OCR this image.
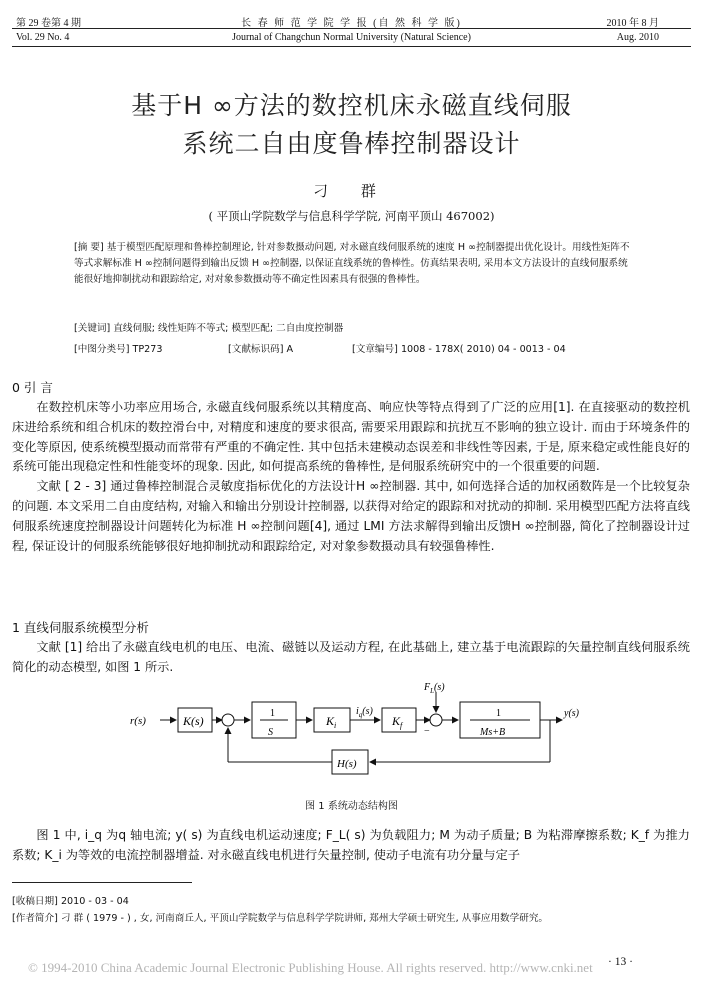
第 29 卷第 4 期
Vol. 29 No. 4
长 春 师 范 学 院 学 报 (自 然 科 学 版)
Journal of Changchun Normal University (Natural Science)
2010 年 8 月
Aug. 2010
基于H ∞方法的数控机床永磁直线伺服
系统二自由度鲁棒控制器设计
刁 群
( 平顶山学院数学与信息科学学院, 河南平顶山 467002)
[摘 要] 基于模型匹配原理和鲁棒控制理论, 针对参数摄动问题, 对永磁直线伺服系统的速度 H ∞控制器提出优化设计。用线性矩阵不等式求解标准 H ∞控制问题得到输出反馈 H ∞控制器, 以保证直线系统的鲁棒性。仿真结果表明, 采用本文方法设计的直线伺服系统能很好地抑制扰动和跟踪给定, 对对象参数摄动等不确定性因素具有很强的鲁棒性。
[关键词] 直线伺服; 线性矩阵不等式; 模型匹配; 二自由度控制器
[中图分类号] TP273	[文献标识码] A	[文章编号] 1008 - 178X( 2010) 04 - 0013 - 04
0 引 言

在数控机床等小功率应用场合, 永磁直线伺服系统以其精度高、响应快等特点得到了广泛的应用[1]. 在直接驱动的数控机床进给系统和组合机床的数控滑台中, 对精度和速度的要求很高, 需要采用跟踪和抗扰互不影响的独立设计. 而由于环境条件的变化等原因, 使系统模型摄动而常带有严重的不确定性. 其中包括未建模动态误差和非线性等因素, 于是, 原来稳定或性能良好的系统可能出现稳定性和性能变坏的现象. 因此, 如何提高系统的鲁棒性, 是伺服系统研究中的一个很重要的问题.

文献 [ 2 - 3] 通过鲁棒控制混合灵敏度指标优化的方法设计H ∞控制器. 其中, 如何选择合适的加权函数阵是一个比较复杂的问题. 本文采用二自由度结构, 对输入和输出分别设计控制器, 以获得对给定的跟踪和对扰动的抑制. 采用模型匹配方法将直线伺服系统速度控制器设计问题转化为标准 H ∞控制问题[4], 通过 LMI 方法求解得到输出反馈H ∞控制器, 简化了控制器设计过程, 保证设计的伺服系统能够很好地抑制扰动和跟踪给定, 对对象参数摄动具有较强鲁棒性.

1 直线伺服系统模型分析

文献 [1] 给出了永磁直线电机的电压、电流、磁链以及运动方程, 在此基础上, 建立基于电流跟踪的矢量控制直线伺服系统简化的动态模型, 如图 1 所示.

r(s)	K(s)
1
S
$K_i$
$i_q(s)$
$K_f$
$F_L(s)$
−
1
Ms+B
y(s)
H(s)
图 1 系统动态结构图

图 1 中, i_q 为q 轴电流; y( s) 为直线电机运动速度; F_L( s) 为负载阻力; M 为动子质量; B 为粘滞摩擦系数; K_f 为推力系数; K_i 为等效的电流控制器增益. 对永磁直线电机进行矢量控制, 使动子电流有功分量与定子

[收稿日期] 2010 - 03 - 04
[作者简介] 刁 群 ( 1979 - ) , 女, 河南商丘人, 平顶山学院数学与信息科学学院讲师, 郑州大学硕士研究生, 从事应用数学研究。
· 13 ·
© 1994-2010 China Academic Journal Electronic Publishing House. All rights reserved. http://www.cnki.net
